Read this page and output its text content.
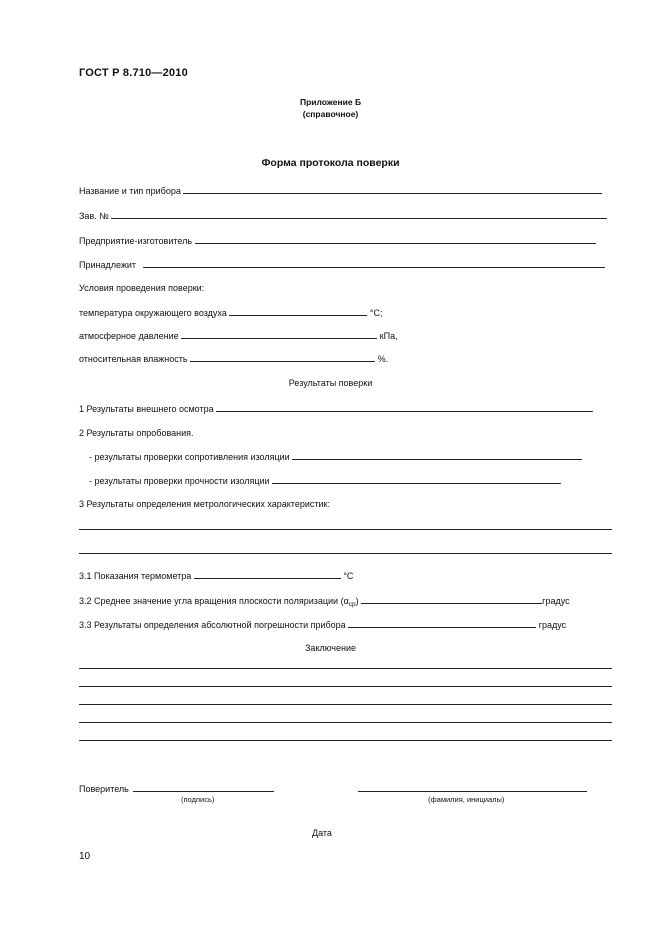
ГОСТ Р 8.710—2010
Приложение Б
(справочное)
Форма протокола поверки
Название и тип прибора
Зав. №
Предприятие-изготовитель
Принадлежит
Условия проведения поверки:
температура окружающего воздуха	°С;
атмосферное давление	кПа,
относительная влажность	%.
Результаты поверки
1 Результаты внешнего осмотра
2 Результаты опробования.
- результаты проверки сопротивления изоляции
- результаты проверки прочности изоляции
3 Результаты определения метрологических характеристик:
3.1 Показания термометра	°С
3.2 Среднее значение угла вращения плоскости поляризации $(\alpha_{ср})$	градус
3.3 Результаты определения абсолютной погрешности прибора	градус
Заключение
Поверитель
(подпись)	(фамилия, инициалы)
Дата
10
